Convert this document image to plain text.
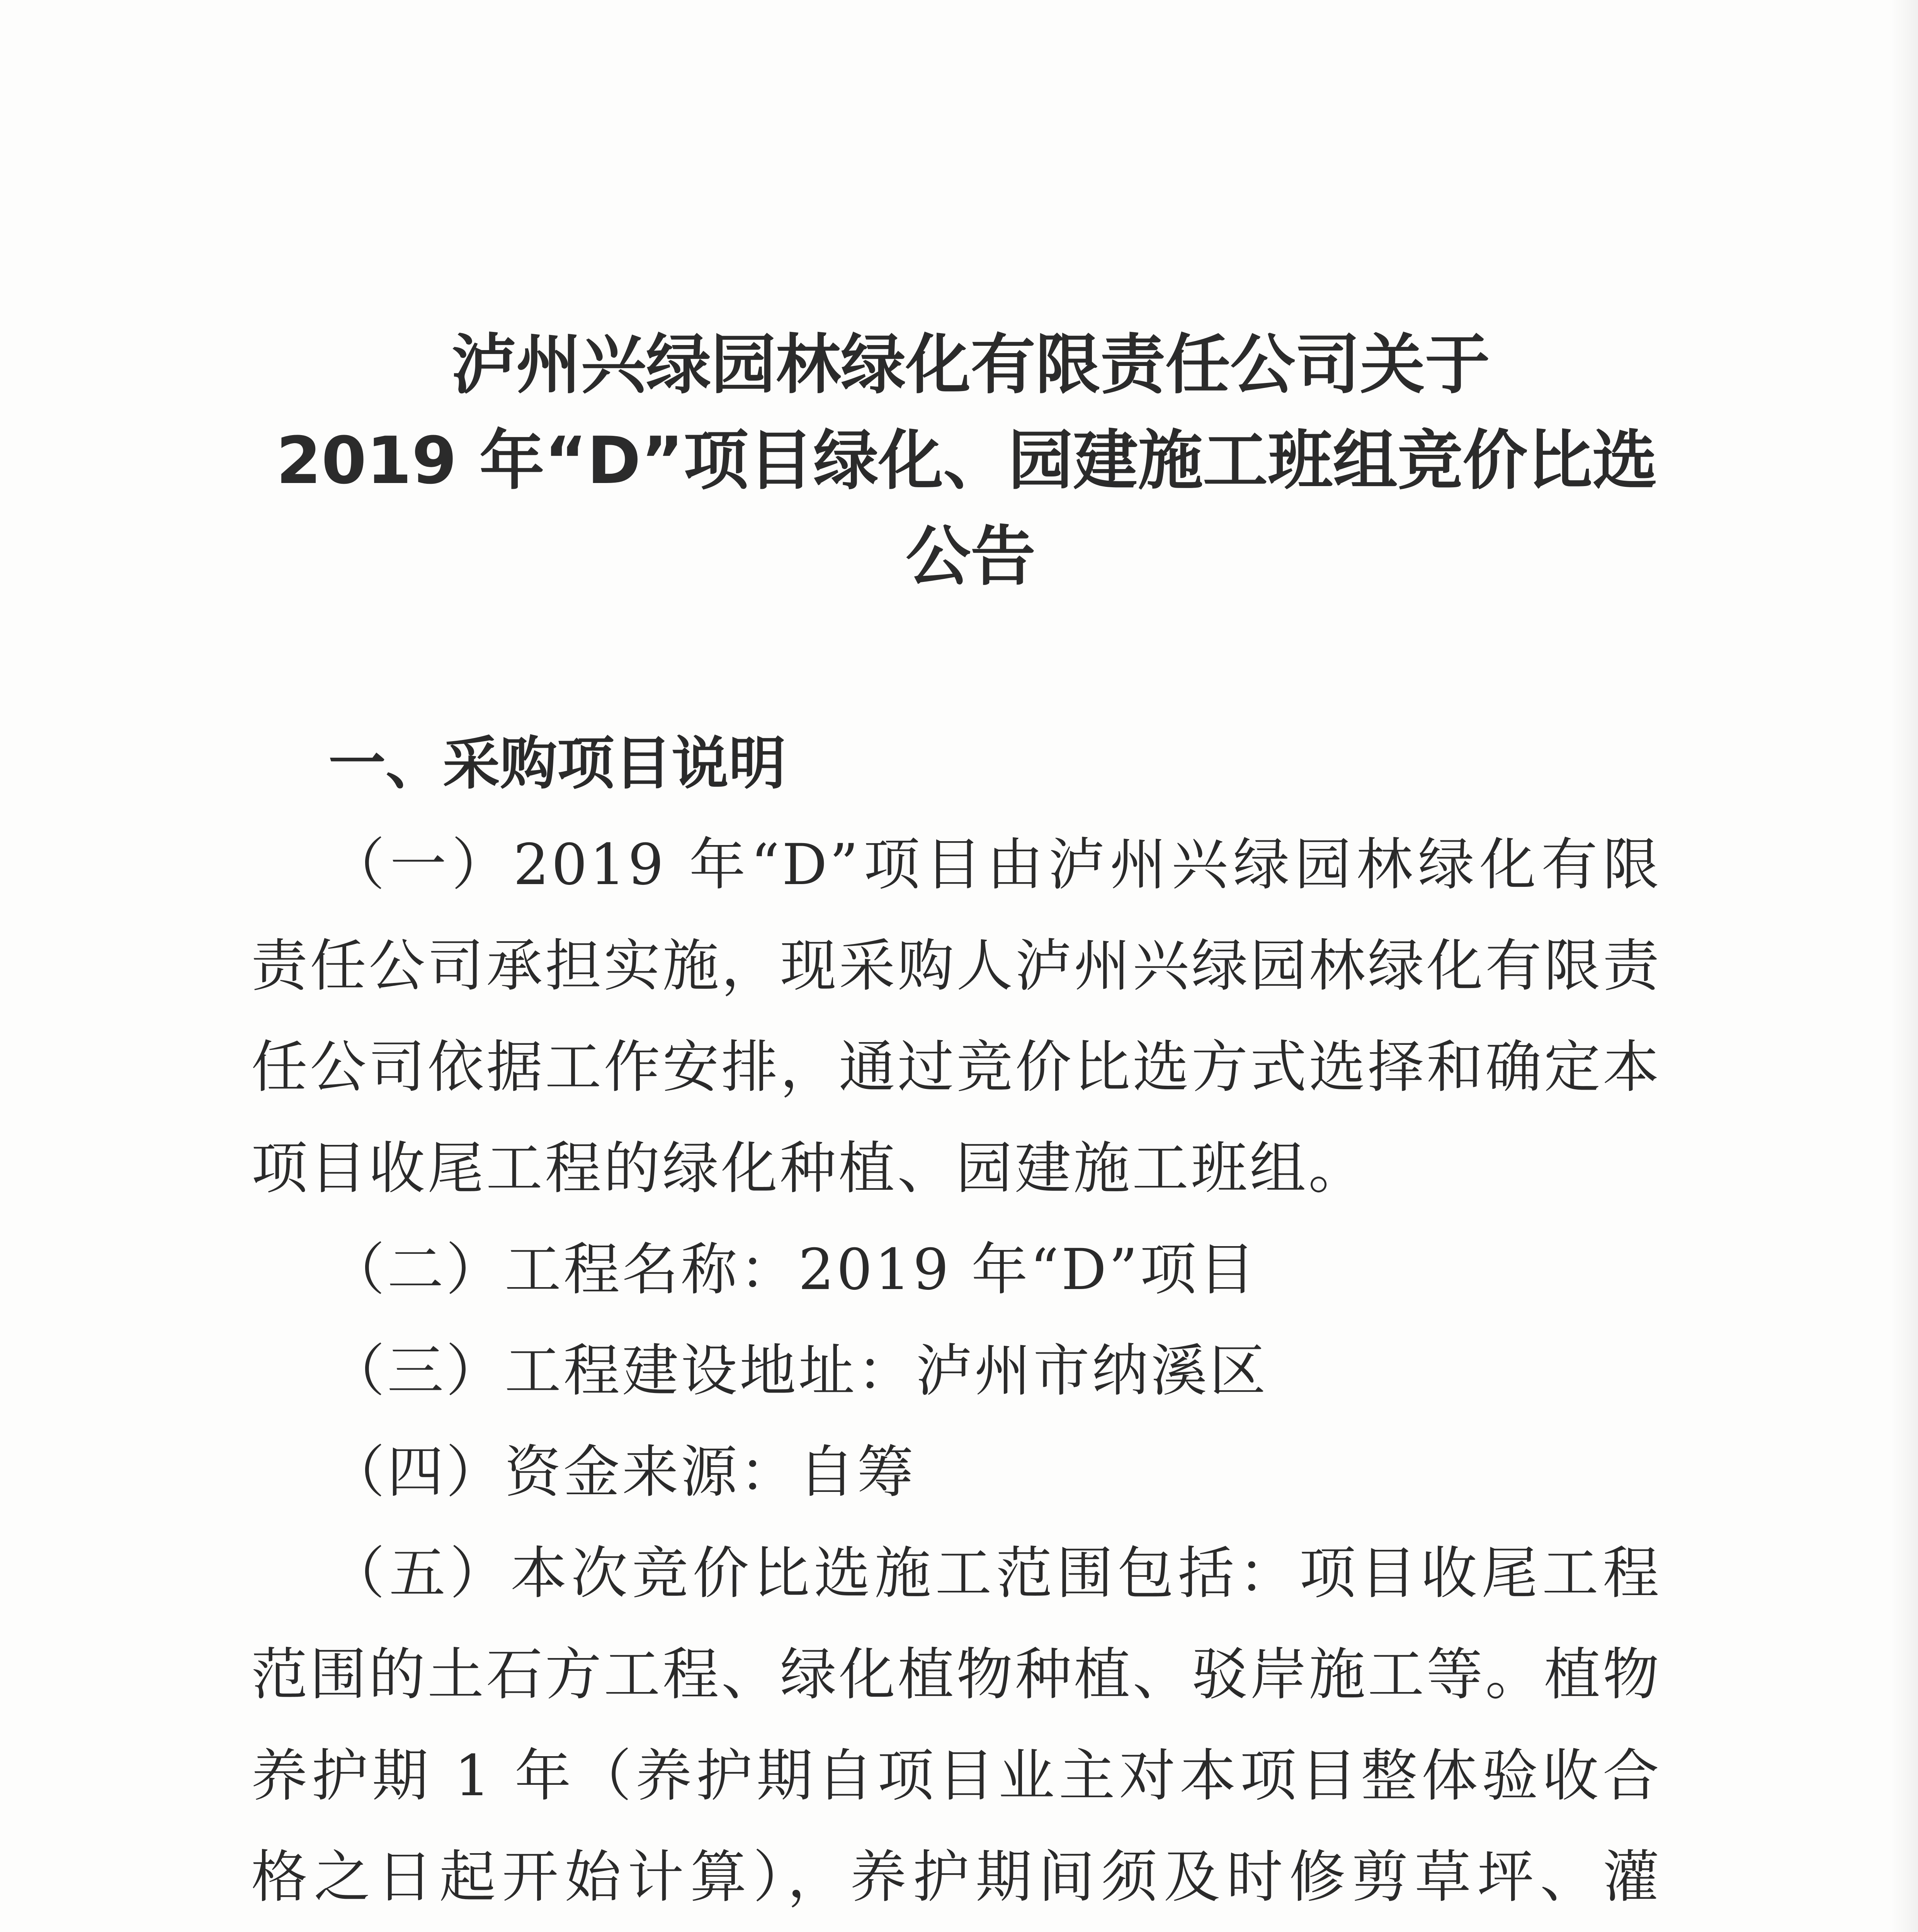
泸州兴绿园林绿化有限责任公司关于
2019 年“D”项目绿化、园建施工班组竞价比选
公告

一、采购项目说明

（一）2019 年“D”项目由泸州兴绿园林绿化有限责任公司承担实施，现采购人泸州兴绿园林绿化有限责任公司依据工作安排，通过竞价比选方式选择和确定本项目收尾工程的绿化种植、园建施工班组。

（二）工程名称：2019 年“D”项目

（三）工程建设地址：泸州市纳溪区

（四）资金来源：自筹

（五）本次竞价比选施工范围包括：项目收尾工程范围的土石方工程、绿化植物种植、驳岸施工等。植物养护期 1 年（养护期自项目业主对本项目整体验收合格之日起开始计算），养护期间须及时修剪草坪、灌
